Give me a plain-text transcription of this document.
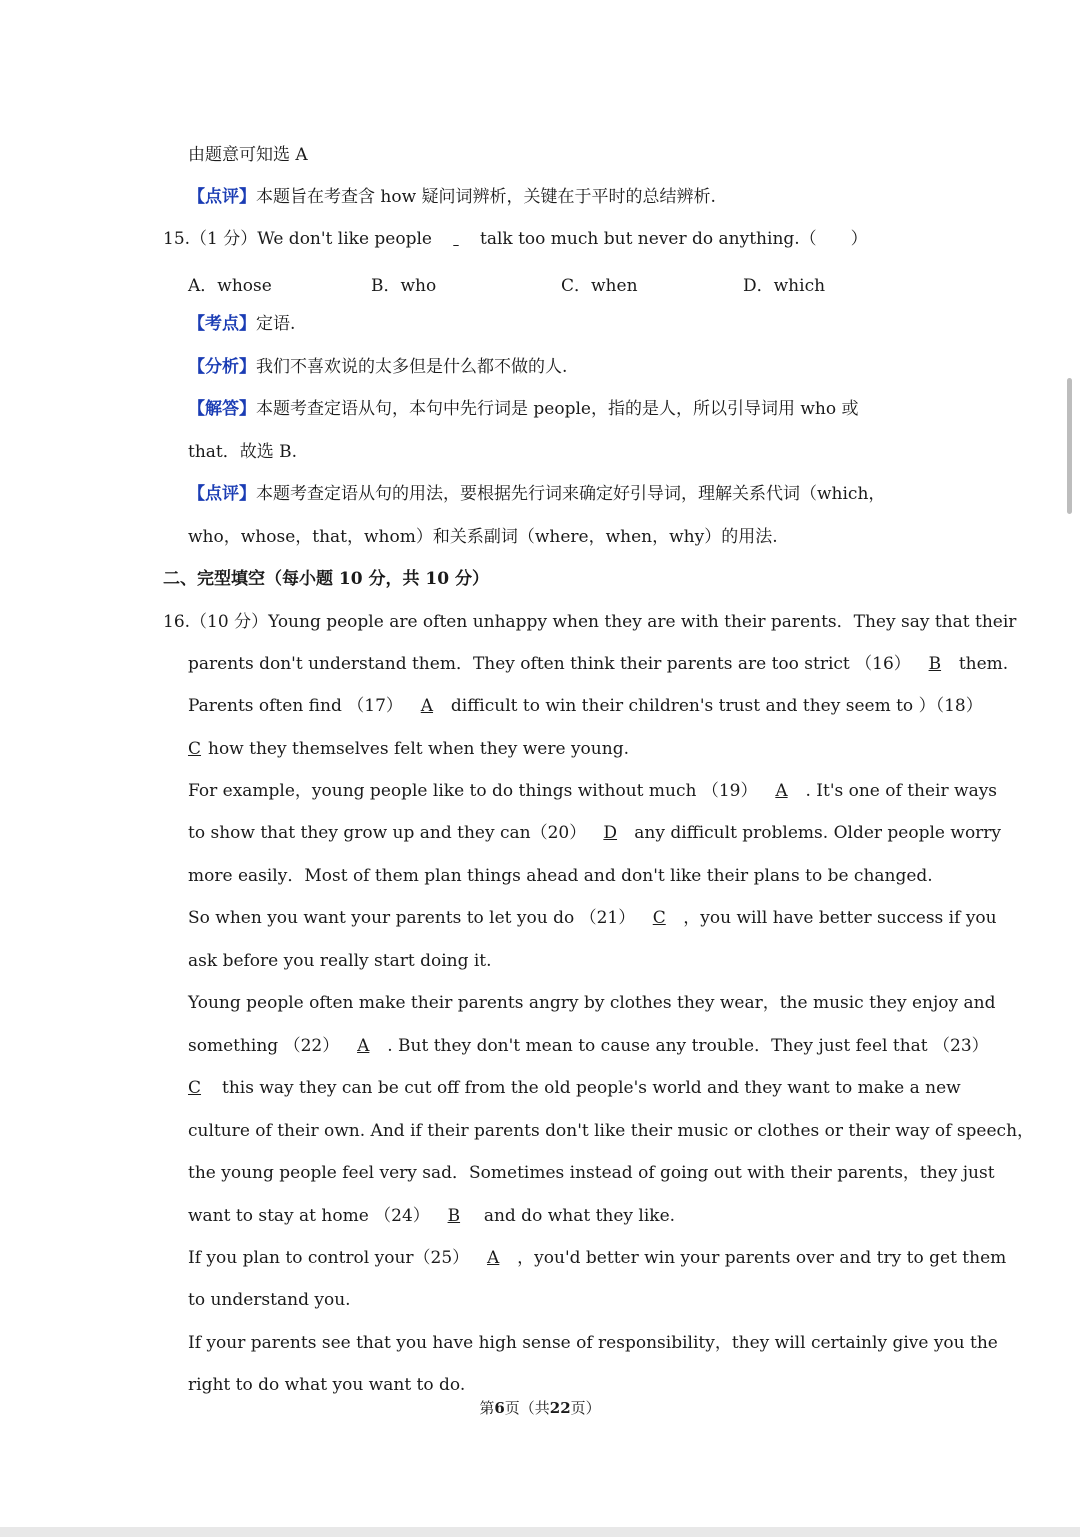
由题意可知选 A
【点评】本题旨在考查含 how 疑问词辨析，关键在于平时的总结辨析.
15.（1 分）We don't like people	talk too much but never do anything.（　　）
A．whose	B．who	C．when	D．which
【考点】定语.
【分析】我们不喜欢说的太多但是什么都不做的人.
【解答】本题考查定语从句，本句中先行词是 people，指的是人，所以引导词用 who 或
that．故选 B.
【点评】本题考查定语从句的用法，要根据先行词来确定好引导词，理解关系代词（which，
who，whose，that，whom）和关系副词（where，when，why）的用法.
二、完型填空（每小题 10 分，共 10 分）
16.（10 分）Young people are often unhappy when they are with their parents．They say that their
parents don't understand them．They often think their parents are too strict （16） B them.
Parents often find （17） A difficult to win their children's trust and they seem to ）（18）
C how they themselves felt when they were young.
For example，young people like to do things without much （19） A . It's one of their ways
to show that they grow up and they can（20） D any difficult problems. Older people worry
more easily．Most of them plan things ahead and don't like their plans to be changed.
So when you want your parents to let you do （21） C ，you will have better success if you
ask before you really start doing it.
Young people often make their parents angry by clothes they wear，the music they enjoy and
something （22） A . But they don't mean to cause any trouble．They just feel that （23）
C this way they can be cut off from the old people's world and they want to make a new
culture of their own. And if their parents don't like their music or clothes or their way of speech，
the young people feel very sad．Sometimes instead of going out with their parents，they just
want to stay at home （24） B and do what they like.
If you plan to control your（25） A ，you'd better win your parents over and try to get them
to understand you.
If your parents see that you have high sense of responsibility，they will certainly give you the
right to do what you want to do.
第6页（共22页）
